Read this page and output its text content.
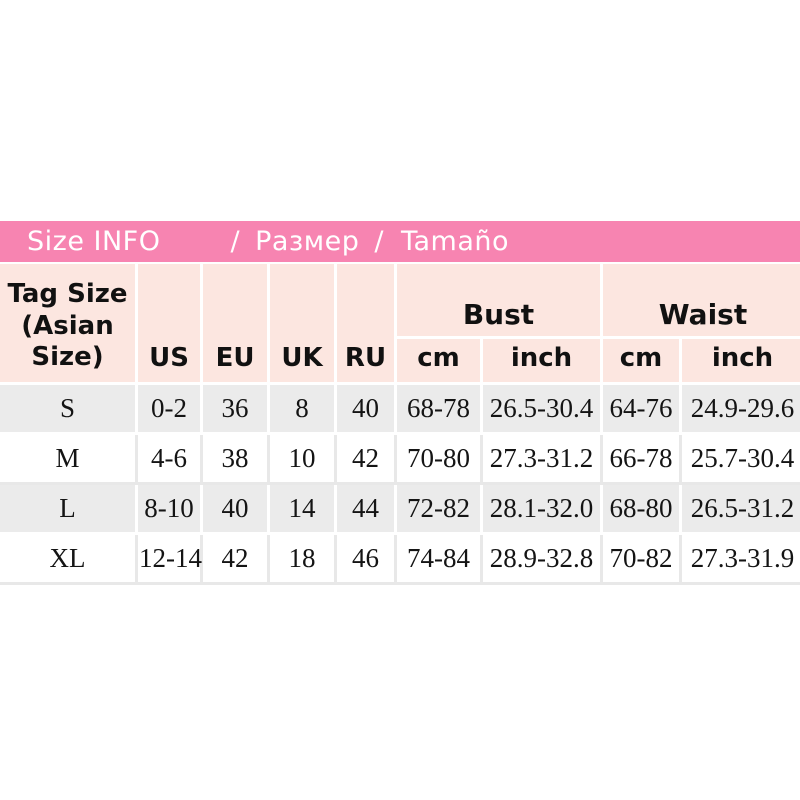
Size INFO	/ Размер / Tamaño
Tag Size (Asian Size)	US	EU	UK	RU	Bust		Waist	
					cm	inch	cm	inch
S	0-2	36	8	40	68-78	26.5-30.4	64-76	24.9-29.6
M	4-6	38	10	42	70-80	27.3-31.2	66-78	25.7-30.4
L	8-10	40	14	44	72-82	28.1-32.0	68-80	26.5-31.2
XL	12-14	42	18	46	74-84	28.9-32.8	70-82	27.3-31.9
